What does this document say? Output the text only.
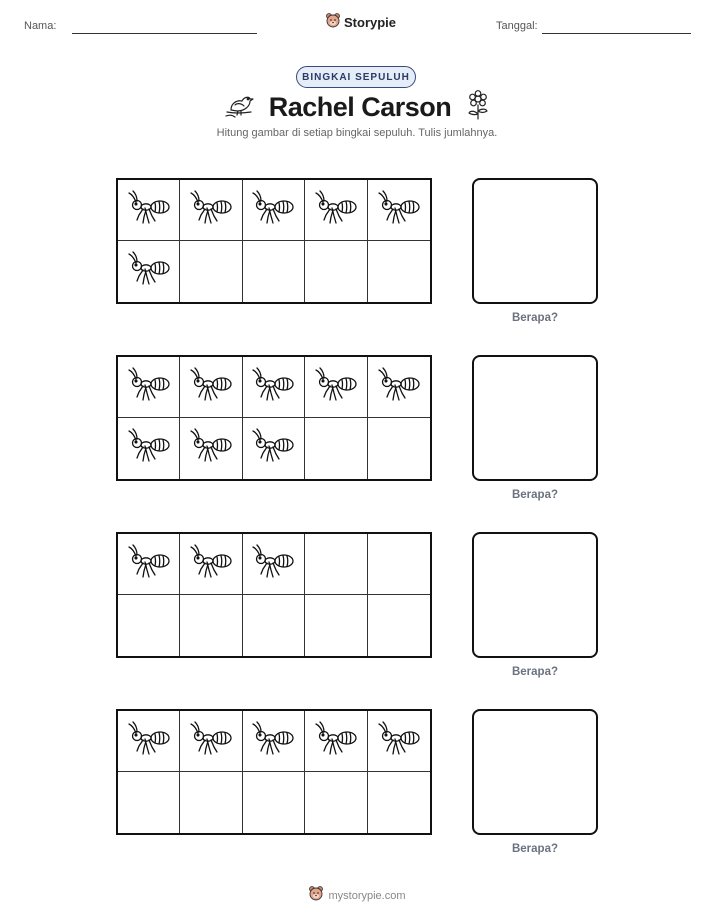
Nama:	Storypie	Tanggal:
BINGKAI SEPULUH
Rachel Carson
Hitung gambar di setiap bingkai sepuluh. Tulis jumlahnya.
Berapa?
Berapa?
Berapa?
Berapa?
mystorypie.com
